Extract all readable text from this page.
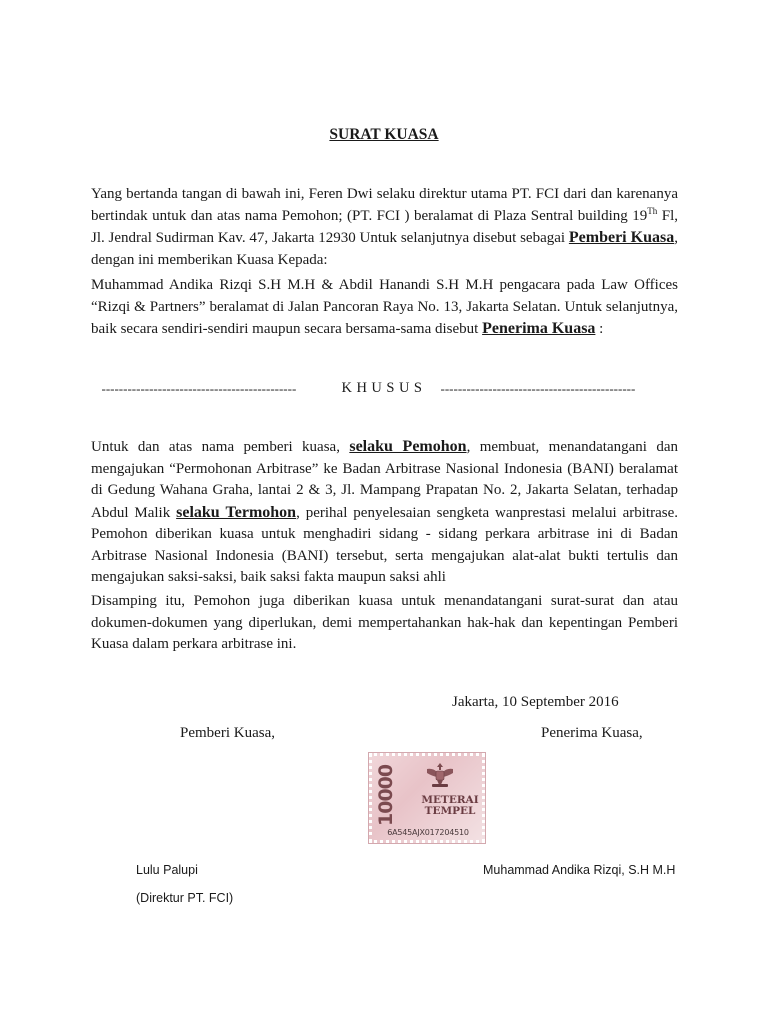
SURAT KUASA
Yang bertanda tangan di bawah ini, Feren Dwi selaku direktur utama PT. FCI dari dan karenanya bertindak untuk dan atas nama Pemohon; (PT. FCI ) beralamat di Plaza Sentral building 19Th Fl, Jl. Jendral Sudirman Kav. 47, Jakarta 12930 Untuk selanjutnya disebut sebagai Pemberi Kuasa, dengan ini memberikan Kuasa Kepada:
Muhammad Andika Rizqi S.H M.H & Abdil Hanandi S.H M.H pengacara pada Law Offices “Rizqi & Partners” beralamat di Jalan Pancoran Raya No. 13, Jakarta Selatan. Untuk selanjutnya, baik secara sendiri-sendiri maupun secara bersama-sama disebut Penerima Kuasa :
---------------------------------------------	KHUSUS ---------------------------------------------
Untuk dan atas nama pemberi kuasa, selaku Pemohon, membuat, menandatangani dan mengajukan “Permohonan Arbitrase” ke Badan Arbitrase Nasional Indonesia (BANI) beralamat di Gedung Wahana Graha, lantai 2 & 3, Jl. Mampang Prapatan No. 2, Jakarta Selatan, terhadap Abdul Malik selaku Termohon, perihal penyelesaian sengketa wanprestasi melalui arbitrase. Pemohon diberikan kuasa untuk menghadiri sidang - sidang perkara arbitrase ini di Badan Arbitrase Nasional Indonesia (BANI) tersebut, serta mengajukan alat-alat bukti tertulis dan mengajukan saksi-saksi, baik saksi fakta maupun saksi ahli
Disamping itu, Pemohon juga diberikan kuasa untuk menandatangani surat-surat dan atau dokumen-dokumen yang diperlukan, demi mempertahankan hak-hak dan kepentingan Pemberi Kuasa dalam perkara arbitrase ini.
Jakarta, 10 September 2016
Pemberi Kuasa,	Penerima Kuasa,
10000	METERAI
TEMPEL
6A545AJX017204510
Lulu Palupi
(Direktur PT. FCI)
Muhammad Andika Rizqi, S.H M.H
